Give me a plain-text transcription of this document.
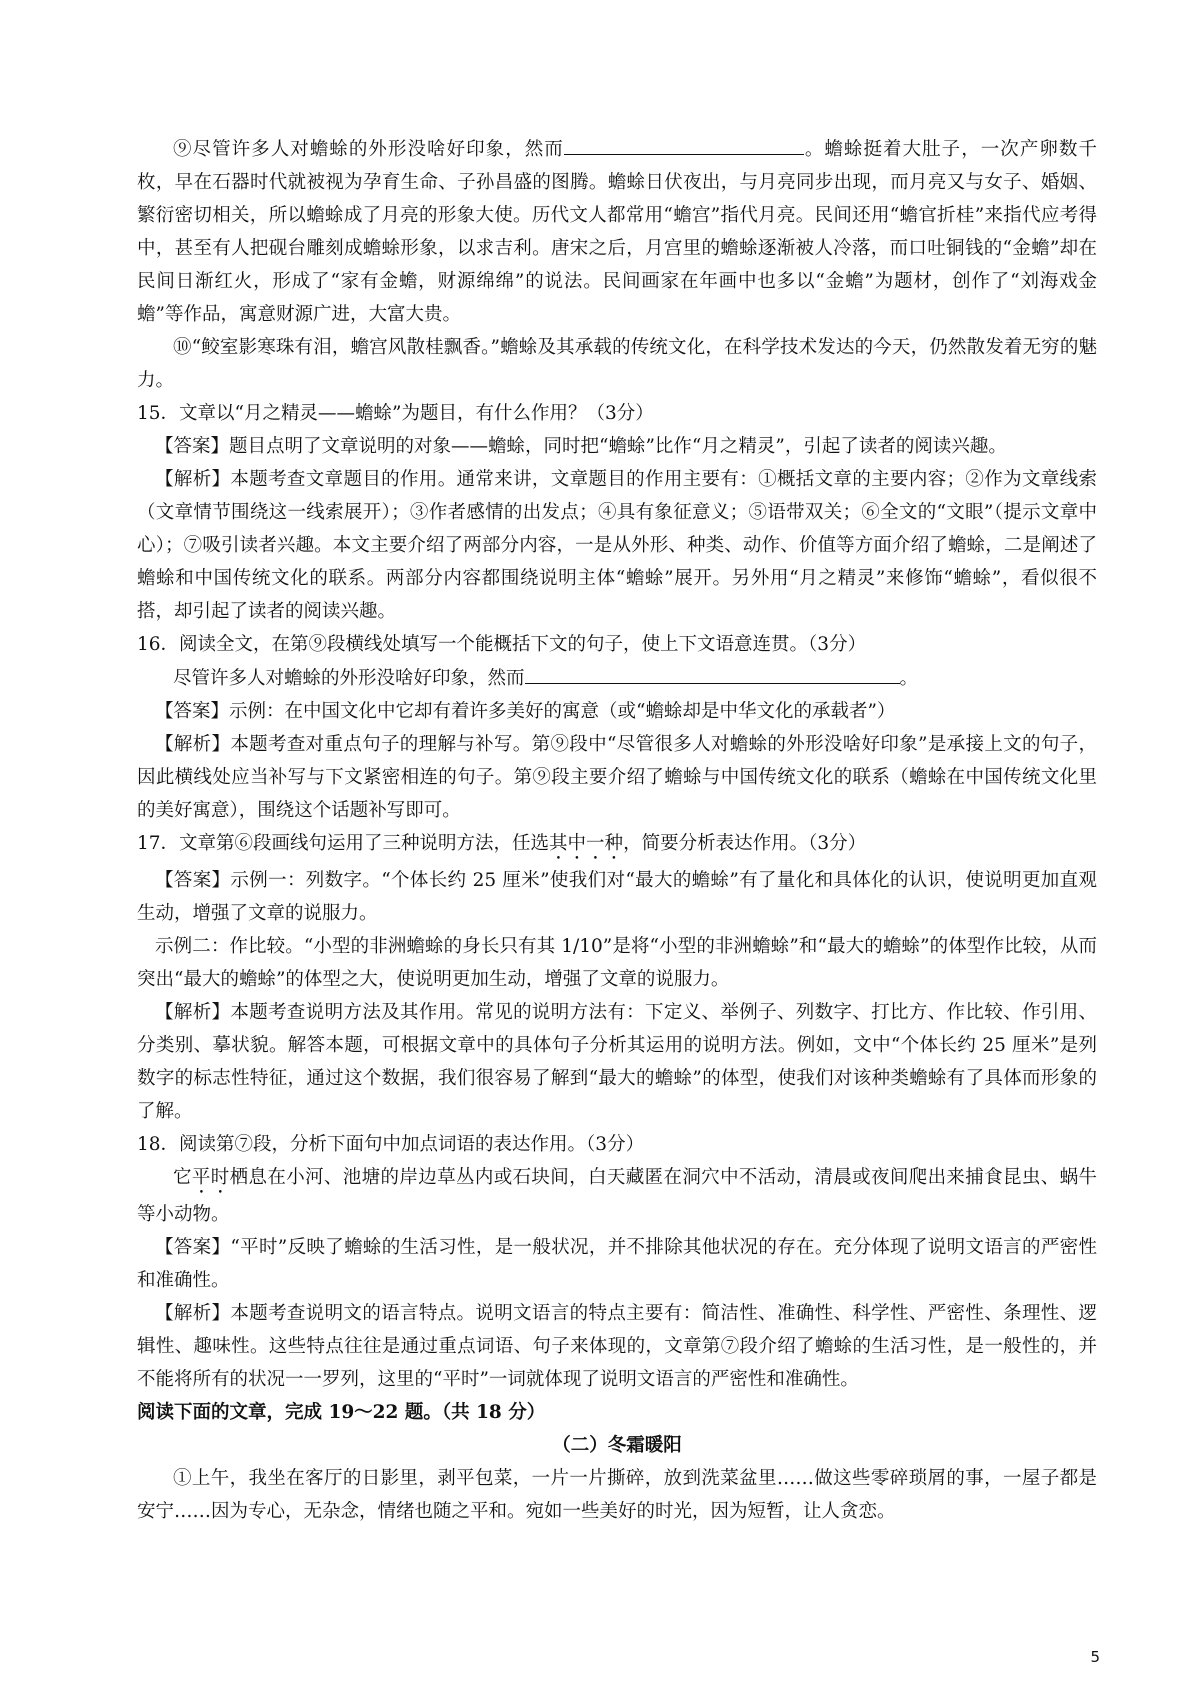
⑨尽管许多人对蟾蜍的外形没啥好印象，然而	。蟾蜍挺着大肚子，一次产卵数千枚，早在石器时代就被视为孕育生命、子孙昌盛的图腾。蟾蜍日伏夜出，与月亮同步出现，而月亮又与女子、婚姻、繁衍密切相关，所以蟾蜍成了月亮的形象大使。历代文人都常用“蟾宫”指代月亮。民间还用“蟾官折桂”来指代应考得中，甚至有人把砚台雕刻成蟾蜍形象，以求吉利。唐宋之后，月宫里的蟾蜍逐渐被人冷落，而口吐铜钱的“金蟾”却在民间日渐红火，形成了“家有金蟾，财源绵绵”的说法。民间画家在年画中也多以“金蟾”为题材，创作了“刘海戏金蟾”等作品，寓意财源广进，大富大贵。

⑩“鲛室影寒珠有泪，蟾宫风散桂飘香。”蟾蜍及其承载的传统文化，在科学技术发达的今天，仍然散发着无穷的魅力。

15．文章以“月之精灵——蟾蜍”为题目，有什么作用？（3分）

【答案】题目点明了文章说明的对象——蟾蜍，同时把“蟾蜍”比作“月之精灵”，引起了读者的阅读兴趣。

【解析】本题考查文章题目的作用。通常来讲，文章题目的作用主要有：①概括文章的主要内容；②作为文章线索（文章情节围绕这一线索展开）；③作者感情的出发点；④具有象征意义；⑤语带双关；⑥全文的“文眼”（提示文章中心）；⑦吸引读者兴趣。本文主要介绍了两部分内容，一是从外形、种类、动作、价值等方面介绍了蟾蜍，二是阐述了蟾蜍和中国传统文化的联系。两部分内容都围绕说明主体“蟾蜍”展开。另外用“月之精灵”来修饰“蟾蜍”，看似很不搭，却引起了读者的阅读兴趣。

16．阅读全文，在第⑨段横线处填写一个能概括下文的句子，使上下文语意连贯。（3分）

尽管许多人对蟾蜍的外形没啥好印象，然而	。

【答案】示例：在中国文化中它却有着许多美好的寓意（或“蟾蜍却是中华文化的承载者”）

【解析】本题考查对重点句子的理解与补写。第⑨段中“尽管很多人对蟾蜍的外形没啥好印象”是承接上文的句子，因此横线处应当补写与下文紧密相连的句子。第⑨段主要介绍了蟾蜍与中国传统文化的联系（蟾蜍在中国传统文化里的美好寓意），围绕这个话题补写即可。

17．文章第⑥段画线句运用了三种说明方法，任选其中一种，简要分析表达作用。（3分）

【答案】示例一：列数字。“个体长约 25 厘米”使我们对“最大的蟾蜍”有了量化和具体化的认识，使说明更加直观生动，增强了文章的说服力。

示例二：作比较。“小型的非洲蟾蜍的身长只有其 1/10”是将“小型的非洲蟾蜍”和“最大的蟾蜍”的体型作比较，从而突出“最大的蟾蜍”的体型之大，使说明更加生动，增强了文章的说服力。

【解析】本题考查说明方法及其作用。常见的说明方法有：下定义、举例子、列数字、打比方、作比较、作引用、分类别、摹状貌。解答本题，可根据文章中的具体句子分析其运用的说明方法。例如，文中“个体长约 25 厘米”是列数字的标志性特征，通过这个数据，我们很容易了解到“最大的蟾蜍”的体型，使我们对该种类蟾蜍有了具体而形象的了解。

18．阅读第⑦段，分析下面句中加点词语的表达作用。（3分）

它平时栖息在小河、池塘的岸边草丛内或石块间，白天藏匿在洞穴中不活动，清晨或夜间爬出来捕食昆虫、蜗牛等小动物。

【答案】“平时”反映了蟾蜍的生活习性，是一般状况，并不排除其他状况的存在。充分体现了说明文语言的严密性和准确性。

【解析】本题考查说明文的语言特点。说明文语言的特点主要有：简洁性、准确性、科学性、严密性、条理性、逻辑性、趣味性。这些特点往往是通过重点词语、句子来体现的，文章第⑦段介绍了蟾蜍的生活习性，是一般性的，并不能将所有的状况一一罗列，这里的“平时”一词就体现了说明文语言的严密性和准确性。

阅读下面的文章，完成 19～22 题。（共 18 分）

（二）冬霜暖阳

①上午，我坐在客厅的日影里，剥平包菜，一片一片撕碎，放到洗菜盆里……做这些零碎琐屑的事，一屋子都是安宁……因为专心，无杂念，情绪也随之平和。宛如一些美好的时光，因为短暂，让人贪恋。

5
